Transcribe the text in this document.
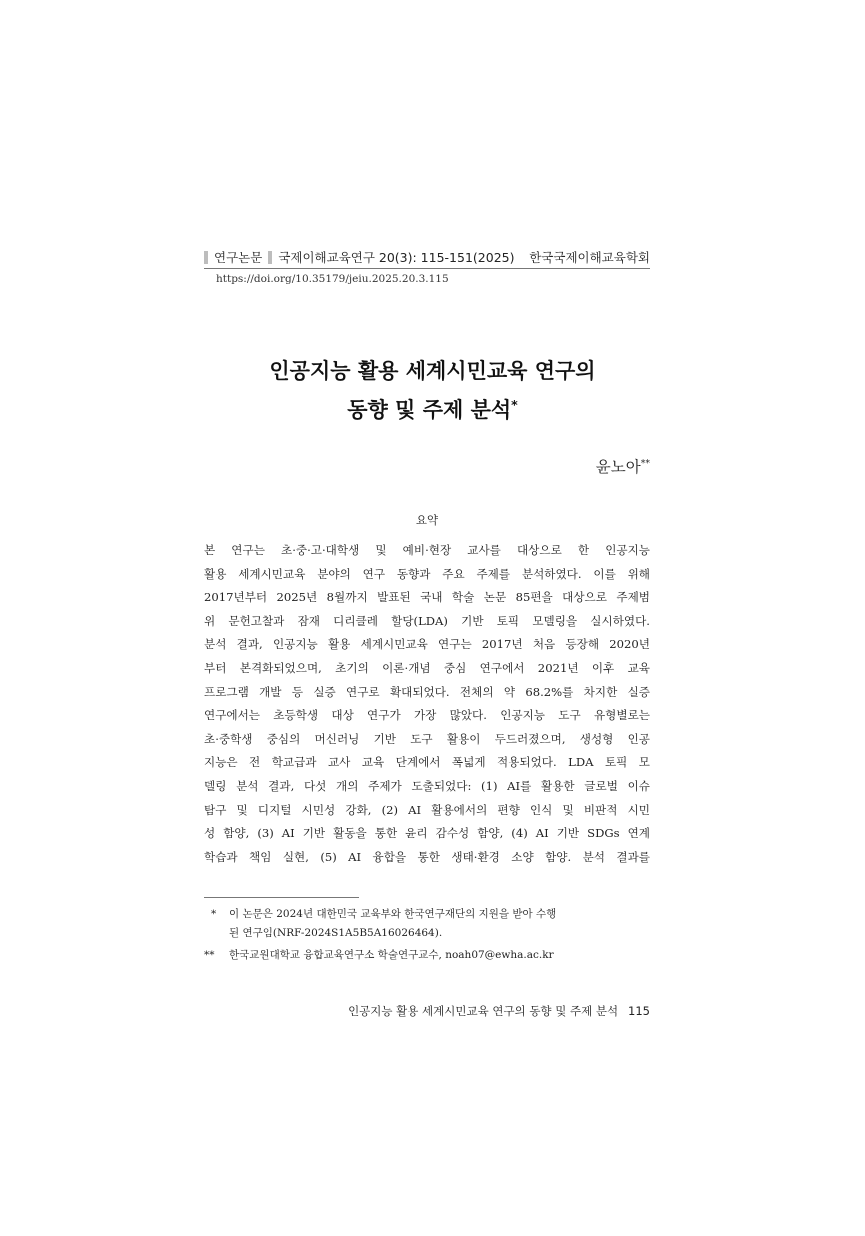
연구논문 국제이해교육연구 20(3): 115-151(2025) 한국국제이해교육학회
https://doi.org/10.35179/jeiu.2025.20.3.115
인공지능 활용 세계시민교육 연구의
동향 및 주제 분석*
윤노아**
요약
본 연구는 초·중·고·대학생 및 예비·현장 교사를 대상으로 한 인공지능
활용 세계시민교육 분야의 연구 동향과 주요 주제를 분석하였다. 이를 위해
2017년부터 2025년 8월까지 발표된 국내 학술 논문 85편을 대상으로 주제범
위 문헌고찰과 잠재 디리클레 할당(LDA) 기반 토픽 모델링을 실시하였다.
분석 결과, 인공지능 활용 세계시민교육 연구는 2017년 처음 등장해 2020년
부터 본격화되었으며, 초기의 이론·개념 중심 연구에서 2021년 이후 교육
프로그램 개발 등 실증 연구로 확대되었다. 전체의 약 68.2%를 차지한 실증
연구에서는 초등학생 대상 연구가 가장 많았다. 인공지능 도구 유형별로는
초·중학생 중심의 머신러닝 기반 도구 활용이 두드러졌으며, 생성형 인공
지능은 전 학교급과 교사 교육 단계에서 폭넓게 적용되었다. LDA 토픽 모
델링 분석 결과, 다섯 개의 주제가 도출되었다: (1) AI를 활용한 글로벌 이슈
탐구 및 디지털 시민성 강화, (2) AI 활용에서의 편향 인식 및 비판적 시민
성 함양, (3) AI 기반 활동을 통한 윤리 감수성 함양, (4) AI 기반 SDGs 연계
학습과 책임 실현, (5) AI 융합을 통한 생태·환경 소양 함양. 분석 결과를
* 이 논문은 2024년 대한민국 교육부와 한국연구재단의 지원을 받아 수행
된 연구임(NRF-2024S1A5B5A16026464).
** 한국교원대학교 융합교육연구소 학술연구교수, noah07@ewha.ac.kr
인공지능 활용 세계시민교육 연구의 동향 및 주제 분석 115
